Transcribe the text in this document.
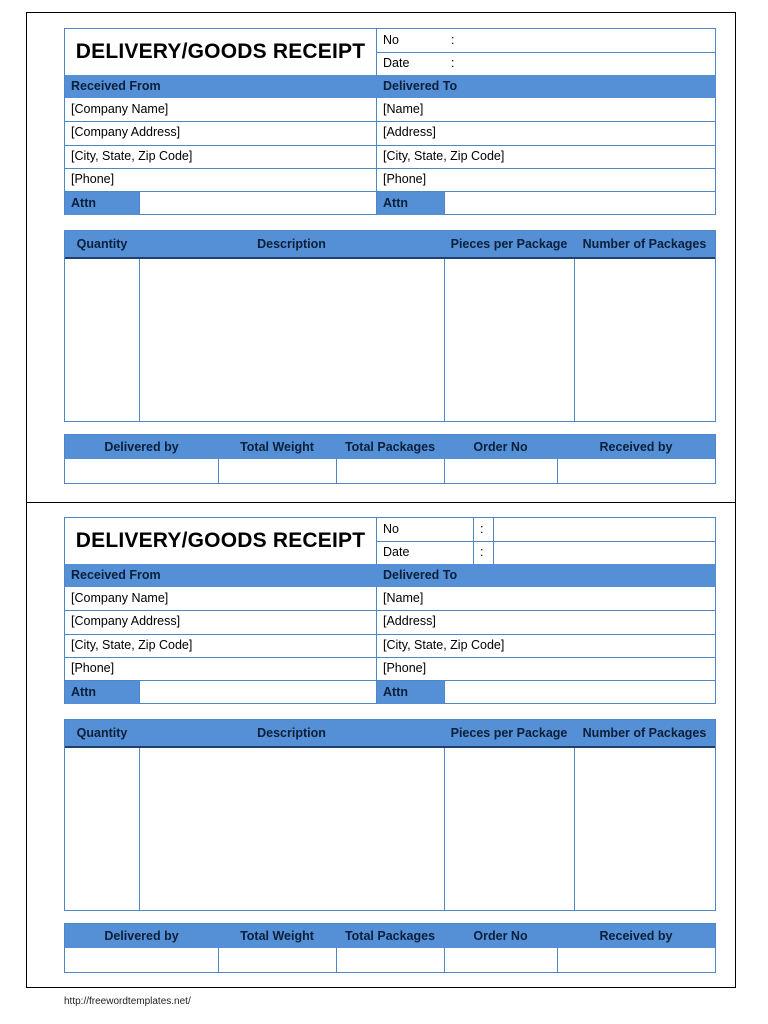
DELIVERY/GOODS RECEIPT	No	:
Date	:
Received From	Delivered To
[Company Name]	[Name]
[Company Address]	[Address]
[City, State, Zip Code]	[City, State, Zip Code]
[Phone]	[Phone]
Attn	Attn
Quantity	Description	Pieces per Package	Number of Packages
Delivered by	Total Weight	Total Packages	Order No	Received by
DELIVERY/GOODS RECEIPT	No	:
Date	:
Received From	Delivered To
[Company Name]	[Name]
[Company Address]	[Address]
[City, State, Zip Code]	[City, State, Zip Code]
[Phone]	[Phone]
Attn	Attn
Quantity	Description	Pieces per Package	Number of Packages
Delivered by	Total Weight	Total Packages	Order No	Received by
http://freewordtemplates.net/
